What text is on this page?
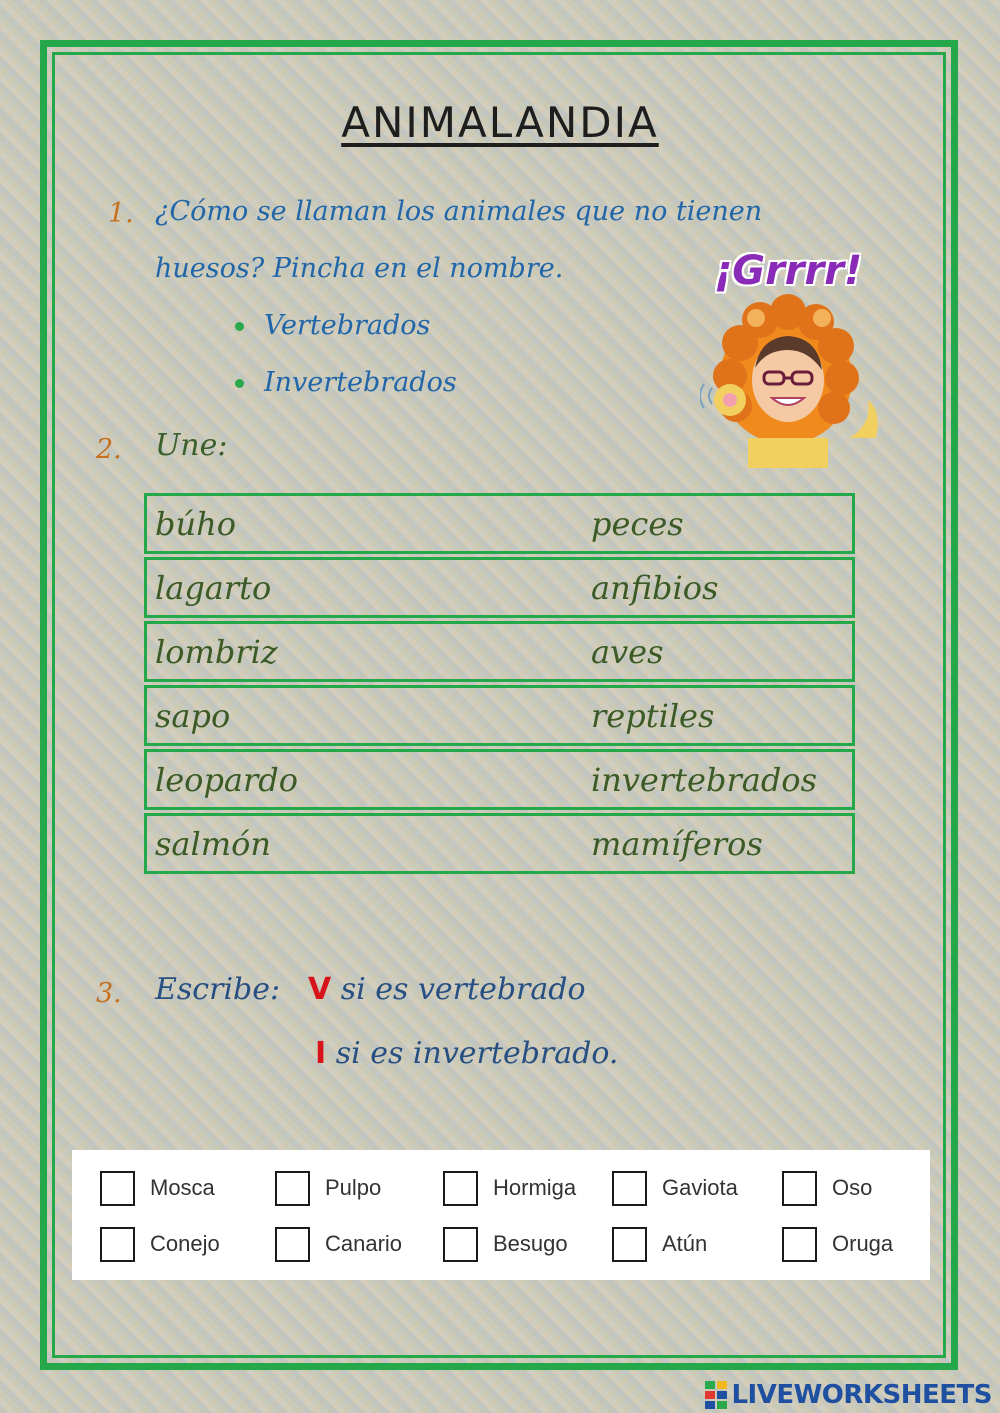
ANIMALANDIA
1. ¿Cómo se llaman los animales que no tienen
huesos? Pincha en el nombre.
Vertebrados
Invertebrados
¡Grrrr!
2. Une:
búho	peces
lagarto	anfibios
lombriz	aves
sapo	reptiles
leopardo	invertebrados
salmón	mamíferos
3. Escribe: V si es vertebrado
I si es invertebrado.
Mosca	Pulpo	Hormiga	Gaviota	Oso
Conejo	Canario	Besugo	Atún	Oruga
LIVEWORKSHEETS
